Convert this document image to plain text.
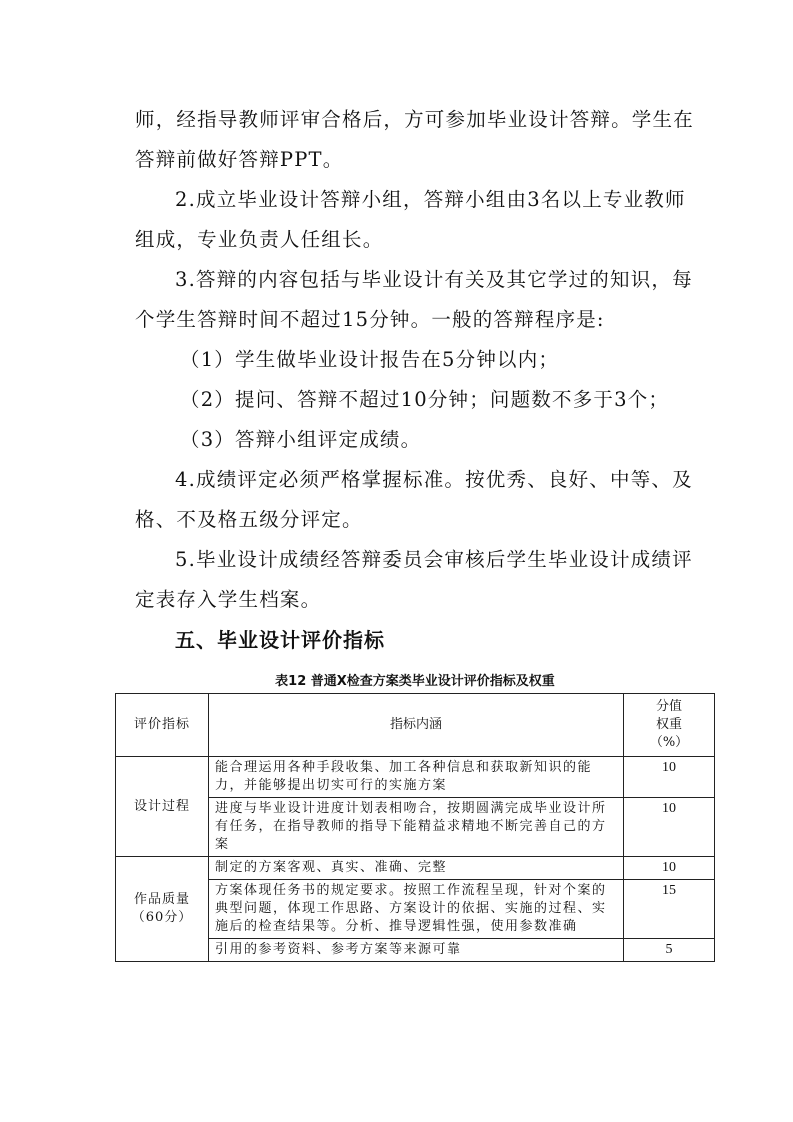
师，经指导教师评审合格后，方可参加毕业设计答辩。学生在答辩前做好答辩PPT。

2.成立毕业设计答辩小组，答辩小组由3名以上专业教师组成，专业负责人任组长。

3.答辩的内容包括与毕业设计有关及其它学过的知识，每个学生答辩时间不超过15分钟。一般的答辩程序是:

（1）学生做毕业设计报告在5分钟以内；

（2）提问、答辩不超过10分钟；问题数不多于3个；

（3）答辩小组评定成绩。

4.成绩评定必须严格掌握标准。按优秀、良好、中等、及格、不及格五级分评定。

5.毕业设计成绩经答辩委员会审核后学生毕业设计成绩评定表存入学生档案。

五、毕业设计评价指标

表12 普通X检查方案类毕业设计评价指标及权重

评价指标	指标内涵	分值
权重
（%）

设计过程	能合理运用各种手段收集、加工各种信息和获取新知识的能力，并能够提出切实可行的实施方案	10
	进度与毕业设计进度计划表相吻合，按期圆满完成毕业设计所有任务，在指导教师的指导下能精益求精地不断完善自己的方案	10

作品质量
（60分）	制定的方案客观、真实、准确、完整	10
	方案体现任务书的规定要求。按照工作流程呈现，针对个案的典型问题，体现工作思路、方案设计的依据、实施的过程、实施后的检查结果等。分析、推导逻辑性强，使用参数准确	15
	引用的参考资料、参考方案等来源可靠	5
